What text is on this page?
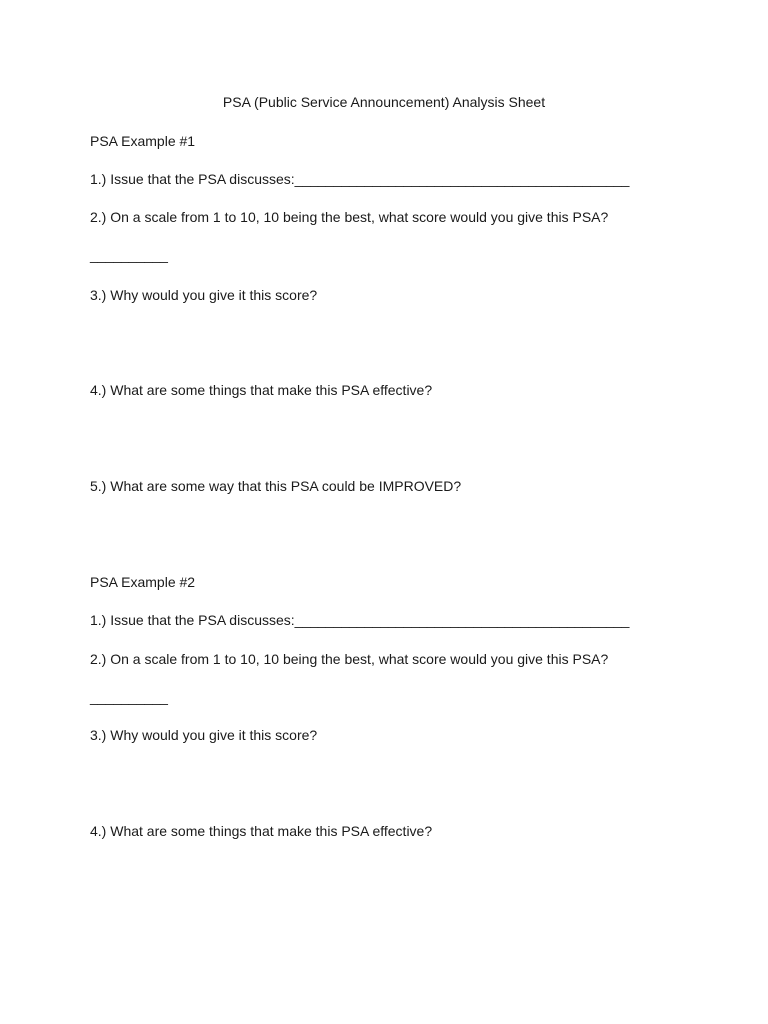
PSA (Public Service Announcement) Analysis Sheet
PSA Example #1
1.) Issue that the PSA discusses:___________________________________________
2.) On a scale from 1 to 10, 10 being the best, what score would you give this PSA?
__________
3.) Why would you give it this score?
4.) What are some things that make this PSA effective?
5.) What are some way that this PSA could be IMPROVED?
PSA Example #2
1.) Issue that the PSA discusses:___________________________________________
2.) On a scale from 1 to 10, 10 being the best, what score would you give this PSA?
__________
3.) Why would you give it this score?
4.) What are some things that make this PSA effective?
